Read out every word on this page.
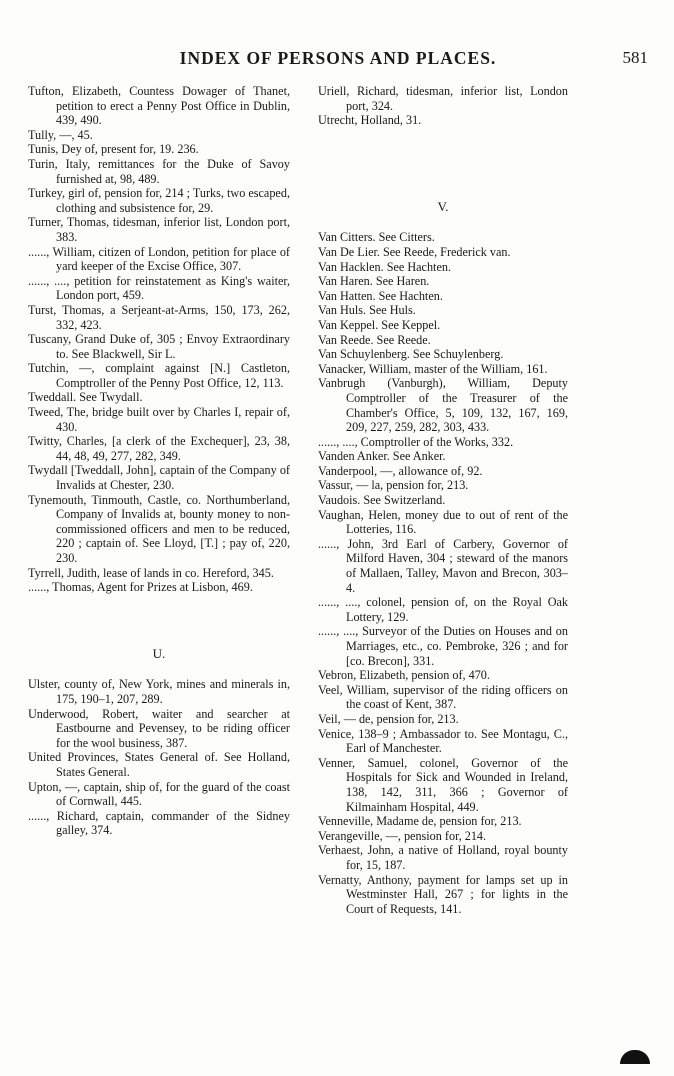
INDEX OF PERSONS AND PLACES.	581
Tufton, Elizabeth, Countess Dowager of Thanet, petition to erect a Penny Post Office in Dublin, 439, 490.
Tully, —, 45.
Tunis, Dey of, present for, 19. 236.
Turin, Italy, remittances for the Duke of Savoy furnished at, 98, 489.
Turkey, girl of, pension for, 214 ; Turks, two escaped, clothing and subsistence for, 29.
Turner, Thomas, tidesman, inferior list, London port, 383.
......, William, citizen of London, petition for place of yard keeper of the Excise Office, 307.
......, ...., petition for reinstatement as King's waiter, London port, 459.
Turst, Thomas, a Serjeant-at-Arms, 150, 173, 262, 332, 423.
Tuscany, Grand Duke of, 305 ; Envoy Extraordinary to. See Blackwell, Sir L.
Tutchin, —, complaint against [N.] Castleton, Comptroller of the Penny Post Office, 12, 113.
Tweddall. See Twydall.
Tweed, The, bridge built over by Charles I, repair of, 430.
Twitty, Charles, [a clerk of the Exchequer], 23, 38, 44, 48, 49, 277, 282, 349.
Twydall [Tweddall, John], captain of the Company of Invalids at Chester, 230.
Tynemouth, Tinmouth, Castle, co. Northumberland, Company of Invalids at, bounty money to non-commissioned officers and men to be reduced, 220 ; captain of. See Lloyd, [T.] ; pay of, 220, 230.
Tyrrell, Judith, lease of lands in co. Hereford, 345.
......, Thomas, Agent for Prizes at Lisbon, 469.
U.
Ulster, county of, New York, mines and minerals in, 175, 190–1, 207, 289.
Underwood, Robert, waiter and searcher at Eastbourne and Pevensey, to be riding officer for the wool business, 387.
United Provinces, States General of. See Holland, States General.
Upton, —, captain, ship of, for the guard of the coast of Cornwall, 445.
......, Richard, captain, commander of the Sidney galley, 374.
Uriell, Richard, tidesman, inferior list, London port, 324.
Utrecht, Holland, 31.
V.
Van Citters. See Citters.
Van De Lier. See Reede, Frederick van.
Van Hacklen. See Hachten.
Van Haren. See Haren.
Van Hatten. See Hachten.
Van Huls. See Huls.
Van Keppel. See Keppel.
Van Reede. See Reede.
Van Schuylenberg. See Schuylenberg.
Vanacker, William, master of the William, 161.
Vanbrugh (Vanburgh), William, Deputy Comptroller of the Treasurer of the Chamber's Office, 5, 109, 132, 167, 169, 209, 227, 259, 282, 303, 433.
......, ...., Comptroller of the Works, 332.
Vanden Anker. See Anker.
Vanderpool, —, allowance of, 92.
Vassur, — la, pension for, 213.
Vaudois. See Switzerland.
Vaughan, Helen, money due to out of rent of the Lotteries, 116.
......, John, 3rd Earl of Carbery, Governor of Milford Haven, 304 ; steward of the manors of Mallaen, Talley, Mavon and Brecon, 303–4.
......, ...., colonel, pension of, on the Royal Oak Lottery, 129.
......, ...., Surveyor of the Duties on Houses and on Marriages, etc., co. Pembroke, 326 ; and for [co. Brecon], 331.
Vebron, Elizabeth, pension of, 470.
Veel, William, supervisor of the riding officers on the coast of Kent, 387.
Veil, — de, pension for, 213.
Venice, 138–9 ; Ambassador to. See Montagu, C., Earl of Manchester.
Venner, Samuel, colonel, Governor of the Hospitals for Sick and Wounded in Ireland, 138, 142, 311, 366 ; Governor of Kilmainham Hospital, 449.
Venneville, Madame de, pension for, 213.
Verangeville, —, pension for, 214.
Verhaest, John, a native of Holland, royal bounty for, 15, 187.
Vernatty, Anthony, payment for lamps set up in Westminster Hall, 267 ; for lights in the Court of Requests, 141.
